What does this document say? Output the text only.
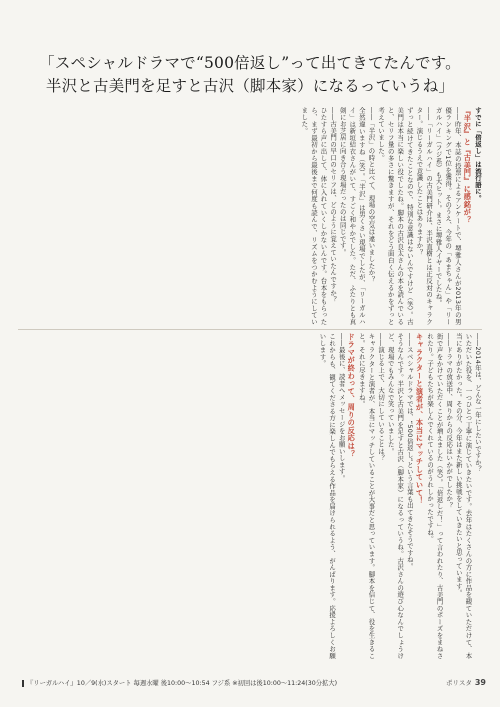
「スペシャルドラマで“500倍返し”って出てきてたんです。
半沢と古美門を足すと古沢（脚本家）になるっていうね」

すでに「倍返し」は流行語に。

『半沢』と『古美門』に感銘が？

――昨年、本誌の投票によるアンケートで、堺雅人さんが2013年の男優ランキングで1位を獲得。そのうえ、今年の「あまちゃん」や「リーガルハイ」（フジ系）も大ヒット。まさに堺雅人イヤーでしたね。

――「リーガルハイ」の古美門研介は、半沢直樹とは正反対のキャラクター。演じるうえで意識したことはありますか？

ずっと続けてきたことなので、特別な意識はないんですけど（笑）。古美門は本当に楽しい役でしたね。脚本の古沢良太さんの本を読んでいると、セリフ量の多さに驚きますが、それをどう面白く伝えるかをずっと考えていました。

――「半沢」の時と比べて、現場の空気は違いましたか？

全然違いますね（笑）。「半沢」は男くさい現場でしたが、「リーガルハイ」は新垣結衣さんがいて、すごく和やかでした。ただ、ふたりとも真剣にお芝居に向き合う現場だったのは同じです。

――古美門の早口のセリフは、どのように覚えていたんですか？

ひたすら声に出して、体に入れていくしかないんです。台本をもらったら、まず最初から最後まで何度も読んで、リズムをつかむようにしていました。

――2014年は、どんな一年にしたいですか？

いただいた役を、一つひとつ丁寧に演じていきたいです。去年はたくさんの方に作品を観ていただけて、本当にありがたかった。その分、今年はまた新しい挑戦をしていきたいと思っています。

――ドラマの放送中、周りからの反応はいかがでしたか？

街で声をかけていただくことが増えました（笑）。「倍返しだ！」って言われたり、古美門のポーズをまねされたり。子どもたちが楽しんでくれているのがうれしかったですね。

キャラクターと演者が、本当にマッチしていて！

――スペシャルドラマでは、“500倍返し”という言葉も出てきたそうですね。

そうなんです。半沢と古美門を足すと古沢（脚本家）になるっていうね。古沢さんの遊び心なんでしょうけど、現場でもみんなで笑っていました。

――演じる上で、大切にしていることは？

キャラクターと演者が、本当にマッチしていることが大事だと思っています。脚本を信じて、役を生きること。それに尽きますね。

ドラマが終わって、周りの反応は？

――最後に、読者へメッセージをお願いします。

これからも、観てくださる方に楽しんでもらえる作品を届けられるよう、がんばります。応援よろしくお願いします。

『リーガルハイ』10／9(水)スタート 毎週水曜 後10:00〜10:54 フジ系 ※初回は後10:00〜11:24(30分拡大)	ポリスタ 39
